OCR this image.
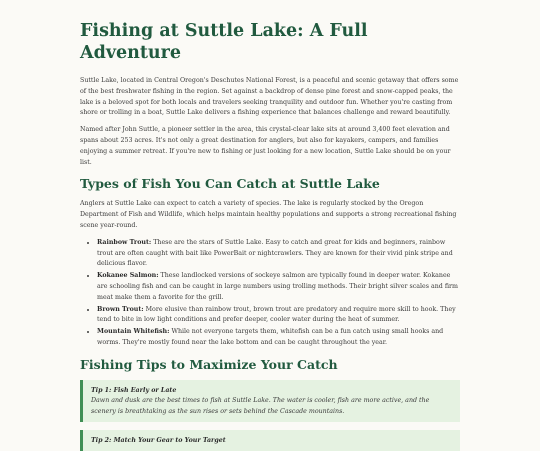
Fishing at Suttle Lake: A Full Adventure

Suttle Lake, located in Central Oregon's Deschutes National Forest, is a peaceful and scenic getaway that offers some of the best freshwater fishing in the region. Set against a backdrop of dense pine forest and snow-capped peaks, the lake is a beloved spot for both locals and travelers seeking tranquility and outdoor fun. Whether you're casting from shore or trolling in a boat, Suttle Lake delivers a fishing experience that balances challenge and reward beautifully.

Named after John Suttle, a pioneer settler in the area, this crystal-clear lake sits at around 3,400 feet elevation and spans about 253 acres. It's not only a great destination for anglers, but also for kayakers, campers, and families enjoying a summer retreat. If you're new to fishing or just looking for a new location, Suttle Lake should be on your list.

Types of Fish You Can Catch at Suttle Lake

Anglers at Suttle Lake can expect to catch a variety of species. The lake is regularly stocked by the Oregon Department of Fish and Wildlife, which helps maintain healthy populations and supports a strong recreational fishing scene year-round.

• Rainbow Trout: These are the stars of Suttle Lake. Easy to catch and great for kids and beginners, rainbow trout are often caught with bait like PowerBait or nightcrawlers. They are known for their vivid pink stripe and delicious flavor.
• Kokanee Salmon: These landlocked versions of sockeye salmon are typically found in deeper water. Kokanee are schooling fish and can be caught in large numbers using trolling methods. Their bright silver scales and firm meat make them a favorite for the grill.
• Brown Trout: More elusive than rainbow trout, brown trout are predatory and require more skill to hook. They tend to bite in low light conditions and prefer deeper, cooler water during the heat of summer.
• Mountain Whitefish: While not everyone targets them, whitefish can be a fun catch using small hooks and worms. They're mostly found near the lake bottom and can be caught throughout the year.
Fishing Tips to Maximize Your Catch
Tip 1: Fish Early or Late
Dawn and dusk are the best times to fish at Suttle Lake. The water is cooler, fish are more active, and the scenery is breathtaking as the sun rises or sets behind the Cascade mountains.
Tip 2: Match Your Gear to Your Target
